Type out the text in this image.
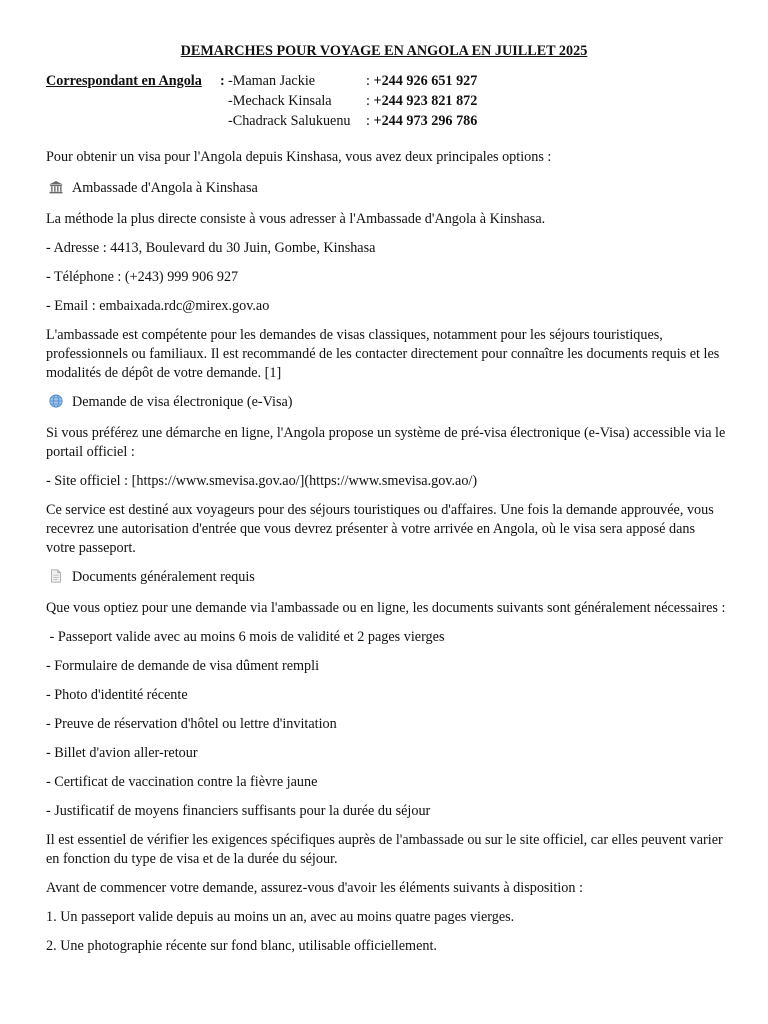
DEMARCHES POUR VOYAGE EN ANGOLA EN JUILLET 2025
Correspondant en Angola : -Maman Jackie	: +244 926 651 927
-Mechack Kinsala : +244 923 821 872
-Chadrack Salukuenu : +244 973 296 786

Pour obtenir un visa pour l'Angola depuis Kinshasa, vous avez deux principales options :

Ambassade d'Angola à Kinshasa

La méthode la plus directe consiste à vous adresser à l'Ambassade d'Angola à Kinshasa.

- Adresse : 4413, Boulevard du 30 Juin, Gombe, Kinshasa

- Téléphone : (+243) 999 906 927

- Email : embaixada.rdc@mirex.gov.ao

L'ambassade est compétente pour les demandes de visas classiques, notamment pour les séjours touristiques, professionnels ou familiaux. Il est recommandé de les contacter directement pour connaître les documents requis et les modalités de dépôt de votre demande. [1]

Demande de visa électronique (e-Visa)

Si vous préférez une démarche en ligne, l'Angola propose un système de pré-visa électronique (e-Visa) accessible via le portail officiel :

- Site officiel : [https://www.smevisa.gov.ao/](https://www.smevisa.gov.ao/)

Ce service est destiné aux voyageurs pour des séjours touristiques ou d'affaires. Une fois la demande approuvée, vous recevrez une autorisation d'entrée que vous devrez présenter à votre arrivée en Angola, où le visa sera apposé dans votre passeport.

Documents généralement requis

Que vous optiez pour une demande via l'ambassade ou en ligne, les documents suivants sont généralement nécessaires :

- Passeport valide avec au moins 6 mois de validité et 2 pages vierges

- Formulaire de demande de visa dûment rempli

- Photo d'identité récente

- Preuve de réservation d'hôtel ou lettre d'invitation

- Billet d'avion aller-retour

- Certificat de vaccination contre la fièvre jaune

- Justificatif de moyens financiers suffisants pour la durée du séjour

Il est essentiel de vérifier les exigences spécifiques auprès de l'ambassade ou sur le site officiel, car elles peuvent varier en fonction du type de visa et de la durée du séjour.

Avant de commencer votre demande, assurez-vous d'avoir les éléments suivants à disposition :

1. Un passeport valide depuis au moins un an, avec au moins quatre pages vierges.

2. Une photographie récente sur fond blanc, utilisable officiellement.
